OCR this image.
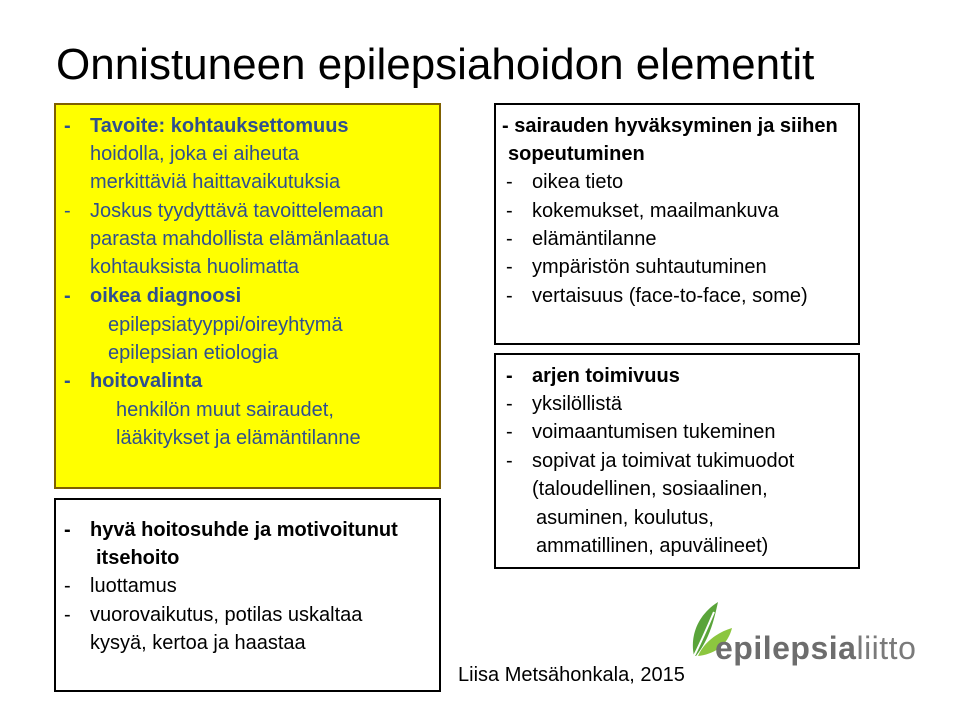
Onnistuneen epilepsiahoidon elementit
- Tavoite: kohtauksettomuus
hoidolla, joka ei aiheuta
merkittäviä haittavaikutuksia
- Joskus tyydyttävä tavoittelemaan
parasta mahdollista elämänlaatua
kohtauksista huolimatta
- oikea diagnoosi
epilepsiatyyppi/oireyhtymä
epilepsian etiologia
- hoitovalinta
henkilön muut sairaudet,
lääkitykset ja elämäntilanne
- hyvä hoitosuhde ja motivoitunut
itsehoito
- luottamus
- vuorovaikutus, potilas uskaltaa
kysyä, kertoa ja haastaa
- sairauden hyväksyminen ja siihen
sopeutuminen
- oikea tieto
- kokemukset, maailmankuva
- elämäntilanne
- ympäristön suhtautuminen
- vertaisuus (face-to-face, some)
- arjen toimivuus
- yksilöllistä
- voimaantumisen tukeminen
- sopivat ja toimivat tukimuodot
(taloudellinen, sosiaalinen,
asuminen, koulutus,
ammatillinen, apuvälineet)
epilepsialiitto
Liisa Metsähonkala, 2015
